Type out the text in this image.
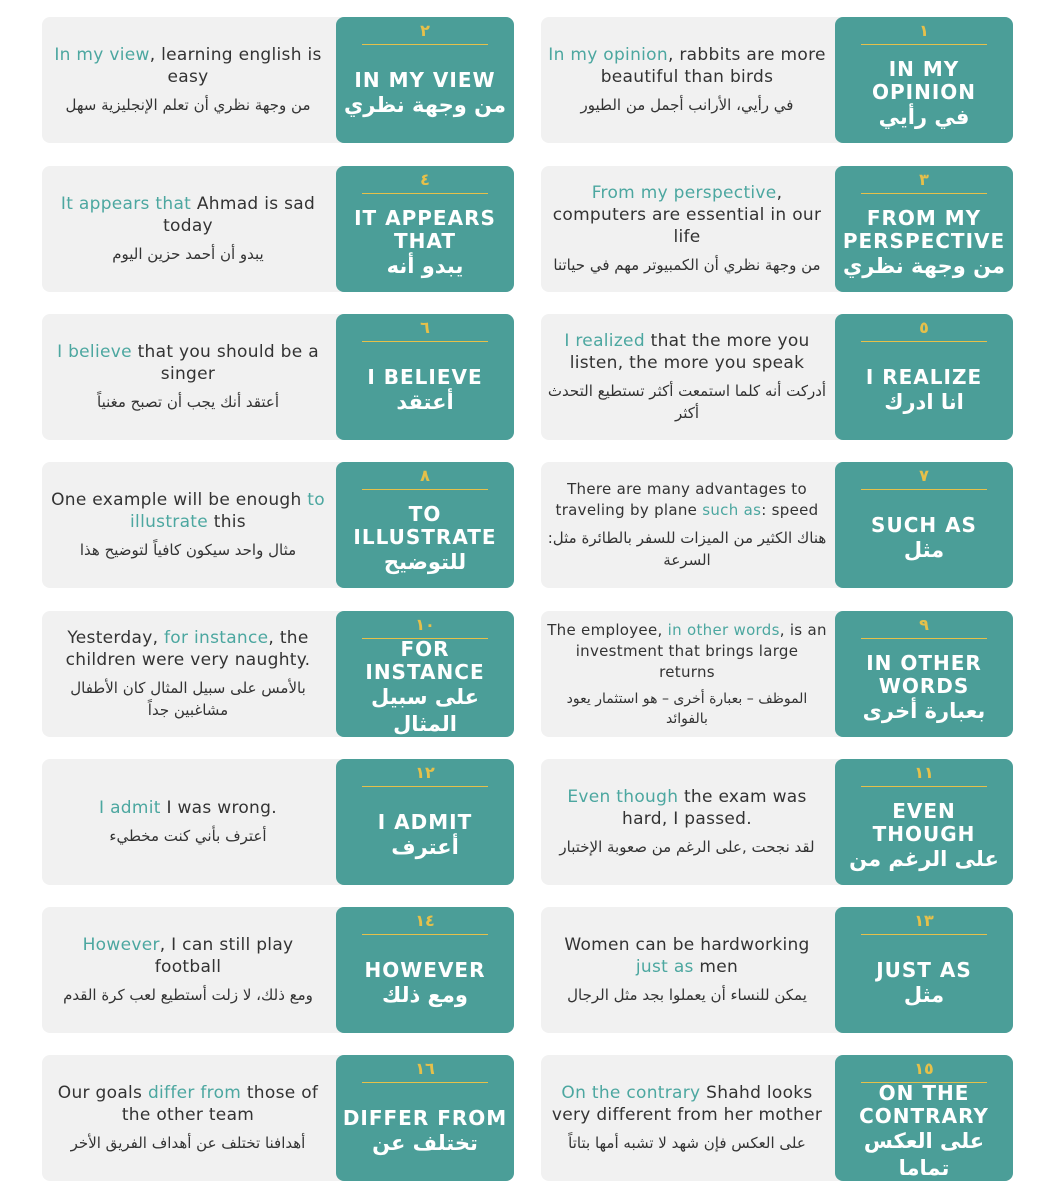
١
IN MY OPINION
في رأيي

In my opinion, rabbits are more beautiful than birds

في رأيي، الأرانب أجمل من الطيور
٢
IN MY VIEW
من وجهة نظري

In my view, learning english is easy

من وجهة نظري أن تعلم الإنجليزية سهل
٣
FROM MY PERSPECTIVE
من وجهة نظري

From my perspective, computers are essential in our life

من وجهة نظري أن الكمبيوتر مهم في حياتنا
٤
IT APPEARS THAT
يبدو أنه

It appears that Ahmad is sad today

يبدو أن أحمد حزين اليوم
٥
I REALIZE
انا ادرك

I realized that the more you listen, the more you speak

أدركت أنه كلما استمعت أكثر تستطيع التحدث أكثر
٦
I BELIEVE
أعتقد

I believe that you should be a singer

أعتقد أنك يجب أن تصبح مغنياً
٧
SUCH AS
مثل

There are many advantages to traveling by plane such as: speed

هناك الكثير من الميزات للسفر بالطائرة مثل: السرعة
٨
TO ILLUSTRATE
للتوضيح

One example will be enough to illustrate this

مثال واحد سيكون كافياً لتوضيح هذا
٩
IN OTHER WORDS
بعبارة أخرى

The employee, in other words, is an investment that brings large returns

الموظف – بعبارة أخرى – هو استثمار يعود بالفوائد
١٠
FOR INSTANCE
على سبيل المثال

Yesterday, for instance, the children were very naughty.

بالأمس على سبيل المثال كان الأطفال مشاغبين جداً
١١
EVEN THOUGH
على الرغم من

Even though the exam was hard, I passed.

لقد نجحت ,على الرغم من صعوبة الإختبار
١٢
I ADMIT
أعترف

I admit I was wrong.

أعترف بأني كنت مخطيء
١٣
JUST AS
مثل

Women can be hardworking just as men

يمكن للنساء أن يعملوا بجد مثل الرجال
١٤
HOWEVER
ومع ذلك

However, I can still play football

ومع ذلك، لا زلت أستطيع لعب كرة القدم
١٥
ON THE CONTRARY
على العكس تماما

On the contrary Shahd looks very different from her mother

على العكس فإن شهد لا تشبه أمها بتاتاً
١٦
DIFFER FROM
تختلف عن

Our goals differ from those of the other team

أهدافنا تختلف عن أهداف الفريق الأخر
